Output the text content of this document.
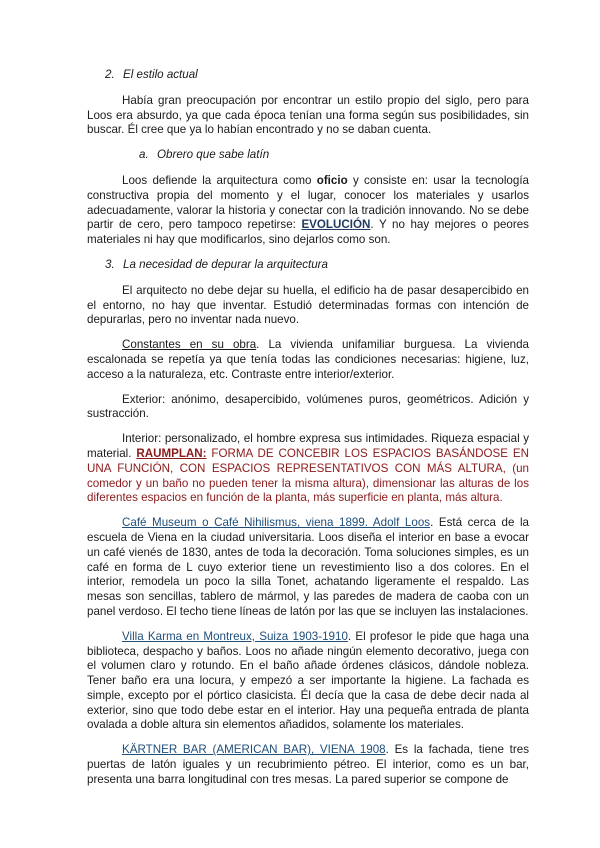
2. El estilo actual

Había gran preocupación por encontrar un estilo propio del siglo, pero para Loos era absurdo, ya que cada época tenían una forma según sus posibilidades, sin buscar. Él cree que ya lo habían encontrado y no se daban cuenta.

a. Obrero que sabe latín

Loos defiende la arquitectura como oficio y consiste en: usar la tecnología constructiva propia del momento y el lugar, conocer los materiales y usarlos adecuadamente, valorar la historia y conectar con la tradición innovando. No se debe partir de cero, pero tampoco repetirse: EVOLUCIÓN. Y no hay mejores o peores materiales ni hay que modificarlos, sino dejarlos como son.

3. La necesidad de depurar la arquitectura

El arquitecto no debe dejar su huella, el edificio ha de pasar desapercibido en el entorno, no hay que inventar. Estudió determinadas formas con intención de depurarlas, pero no inventar nada nuevo.

Constantes en su obra. La vivienda unifamiliar burguesa. La vivienda escalonada se repetía ya que tenía todas las condiciones necesarias: higiene, luz, acceso a la naturaleza, etc. Contraste entre interior/exterior.

Exterior: anónimo, desapercibido, volúmenes puros, geométricos. Adición y sustracción.

Interior: personalizado, el hombre expresa sus intimidades. Riqueza espacial y material. RAUMPLAN: FORMA DE CONCEBIR LOS ESPACIOS BASÁNDOSE EN UNA FUNCIÓN, CON ESPACIOS REPRESENTATIVOS CON MÁS ALTURA, (un comedor y un baño no pueden tener la misma altura), dimensionar las alturas de los diferentes espacios en función de la planta, más superficie en planta, más altura.

Café Museum o Café Nihilismus, viena 1899. Adolf Loos. Está cerca de la escuela de Viena en la ciudad universitaria. Loos diseña el interior en base a evocar un café vienés de 1830, antes de toda la decoración. Toma soluciones simples, es un café en forma de L cuyo exterior tiene un revestimiento liso a dos colores. En el interior, remodela un poco la silla Tonet, achatando ligeramente el respaldo. Las mesas son sencillas, tablero de mármol, y las paredes de madera de caoba con un panel verdoso. El techo tiene líneas de latón por las que se incluyen las instalaciones.

Villa Karma en Montreux, Suiza 1903-1910. El profesor le pide que haga una biblioteca, despacho y baños. Loos no añade ningún elemento decorativo, juega con el volumen claro y rotundo. En el baño añade órdenes clásicos, dándole nobleza. Tener baño era una locura, y empezó a ser importante la higiene. La fachada es simple, excepto por el pórtico clasicista. Él decía que la casa de debe decir nada al exterior, sino que todo debe estar en el interior. Hay una pequeña entrada de planta ovalada a doble altura sin elementos añadidos, solamente los materiales.

KÄRTNER BAR (AMERICAN BAR), VIENA 1908. Es la fachada, tiene tres puertas de latón iguales y un recubrimiento pétreo. El interior, como es un bar, presenta una barra longitudinal con tres mesas. La pared superior se compone de
